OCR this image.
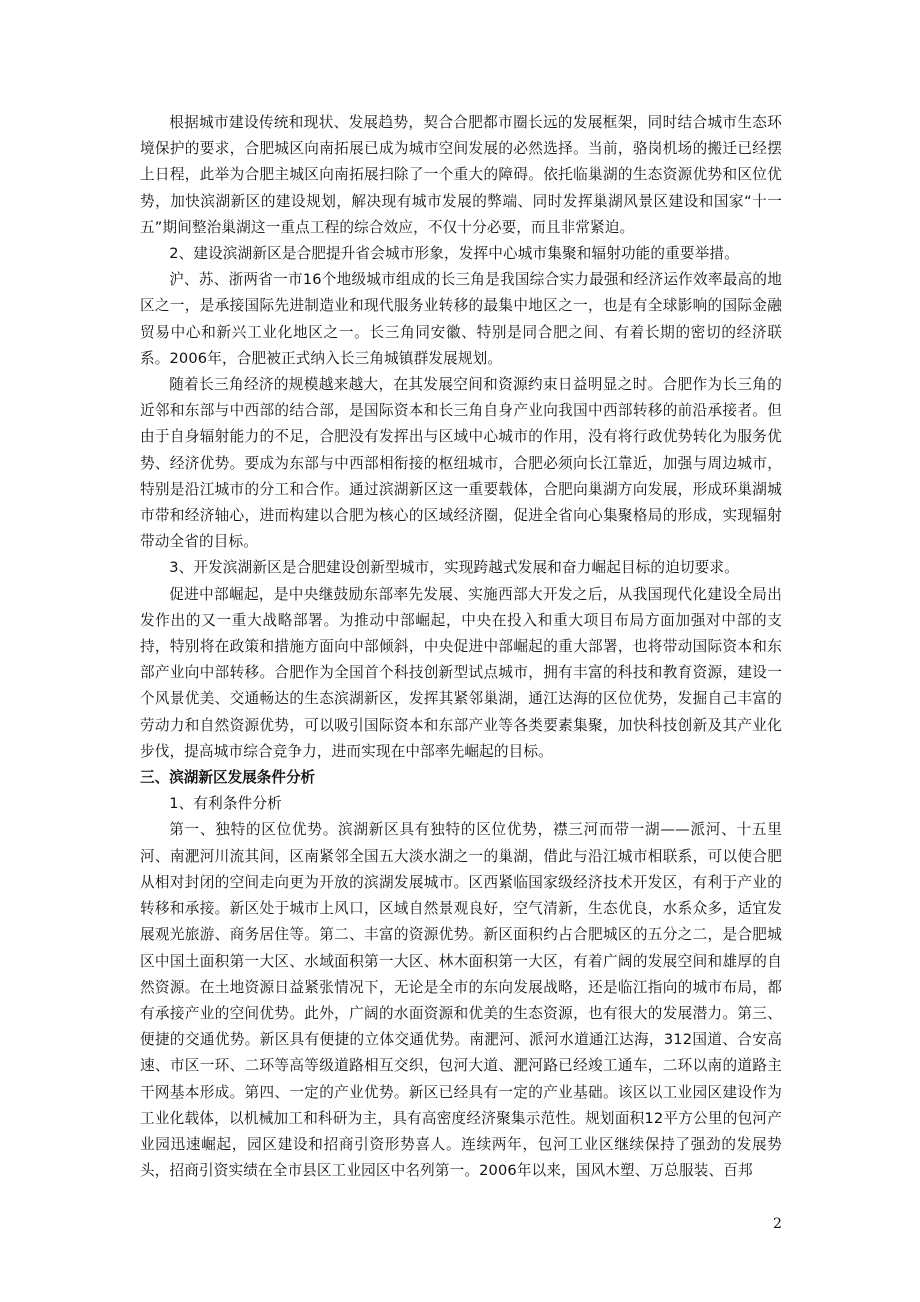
根据城市建设传统和现状、发展趋势，契合合肥都市圈长远的发展框架，同时结合城市生态环境保护的要求，合肥城区向南拓展已成为城市空间发展的必然选择。当前，骆岗机场的搬迁已经摆上日程，此举为合肥主城区向南拓展扫除了一个重大的障碍。依托临巢湖的生态资源优势和区位优势，加快滨湖新区的建设规划，解决现有城市发展的弊端、同时发挥巢湖风景区建设和国家“十一五”期间整治巢湖这一重点工程的综合效应，不仅十分必要，而且非常紧迫。

2、建设滨湖新区是合肥提升省会城市形象，发挥中心城市集聚和辐射功能的重要举措。

沪、苏、浙两省一市16个地级城市组成的长三角是我国综合实力最强和经济运作效率最高的地区之一，是承接国际先进制造业和现代服务业转移的最集中地区之一，也是有全球影响的国际金融贸易中心和新兴工业化地区之一。长三角同安徽、特别是同合肥之间、有着长期的密切的经济联系。2006年，合肥被正式纳入长三角城镇群发展规划。

随着长三角经济的规模越来越大，在其发展空间和资源约束日益明显之时。合肥作为长三角的近邻和东部与中西部的结合部，是国际资本和长三角自身产业向我国中西部转移的前沿承接者。但由于自身辐射能力的不足，合肥没有发挥出与区域中心城市的作用，没有将行政优势转化为服务优势、经济优势。要成为东部与中西部相衔接的枢纽城市，合肥必须向长江靠近，加强与周边城市，特别是沿江城市的分工和合作。通过滨湖新区这一重要载体，合肥向巢湖方向发展，形成环巢湖城市带和经济轴心，进而构建以合肥为核心的区域经济圈，促进全省向心集聚格局的形成，实现辐射带动全省的目标。

3、开发滨湖新区是合肥建设创新型城市，实现跨越式发展和奋力崛起目标的迫切要求。

促进中部崛起，是中央继鼓励东部率先发展、实施西部大开发之后，从我国现代化建设全局出发作出的又一重大战略部署。为推动中部崛起，中央在投入和重大项目布局方面加强对中部的支持，特别将在政策和措施方面向中部倾斜，中央促进中部崛起的重大部署，也将带动国际资本和东部产业向中部转移。合肥作为全国首个科技创新型试点城市，拥有丰富的科技和教育资源，建设一个风景优美、交通畅达的生态滨湖新区，发挥其紧邻巢湖，通江达海的区位优势，发掘自己丰富的劳动力和自然资源优势，可以吸引国际资本和东部产业等各类要素集聚，加快科技创新及其产业化步伐，提高城市综合竞争力，进而实现在中部率先崛起的目标。

三、滨湖新区发展条件分析

1、有利条件分析

第一、独特的区位优势。滨湖新区具有独特的区位优势，襟三河而带一湖——派河、十五里河、南淝河川流其间，区南紧邻全国五大淡水湖之一的巢湖，借此与沿江城市相联系，可以使合肥从相对封闭的空间走向更为开放的滨湖发展城市。区西紧临国家级经济技术开发区，有利于产业的转移和承接。新区处于城市上风口，区域自然景观良好，空气清新，生态优良，水系众多，适宜发展观光旅游、商务居住等。第二、丰富的资源优势。新区面积约占合肥城区的五分之二，是合肥城区中国土面积第一大区、水域面积第一大区、林木面积第一大区，有着广阔的发展空间和雄厚的自然资源。在土地资源日益紧张情况下，无论是全市的东向发展战略，还是临江指向的城市布局，都有承接产业的空间优势。此外，广阔的水面资源和优美的生态资源，也有很大的发展潜力。第三、便捷的交通优势。新区具有便捷的立体交通优势。南淝河、派河水道通江达海，312国道、合安高速、市区一环、二环等高等级道路相互交织，包河大道、淝河路已经竣工通车，二环以南的道路主干网基本形成。第四、一定的产业优势。新区已经具有一定的产业基础。该区以工业园区建设作为工业化载体，以机械加工和科研为主，具有高密度经济聚集示范性。规划面积12平方公里的包河产业园迅速崛起，园区建设和招商引资形势喜人。连续两年，包河工业区继续保持了强劲的发展势头，招商引资实绩在全市县区工业园区中名列第一。2006年以来，国风木塑、万总服装、百邦

2
